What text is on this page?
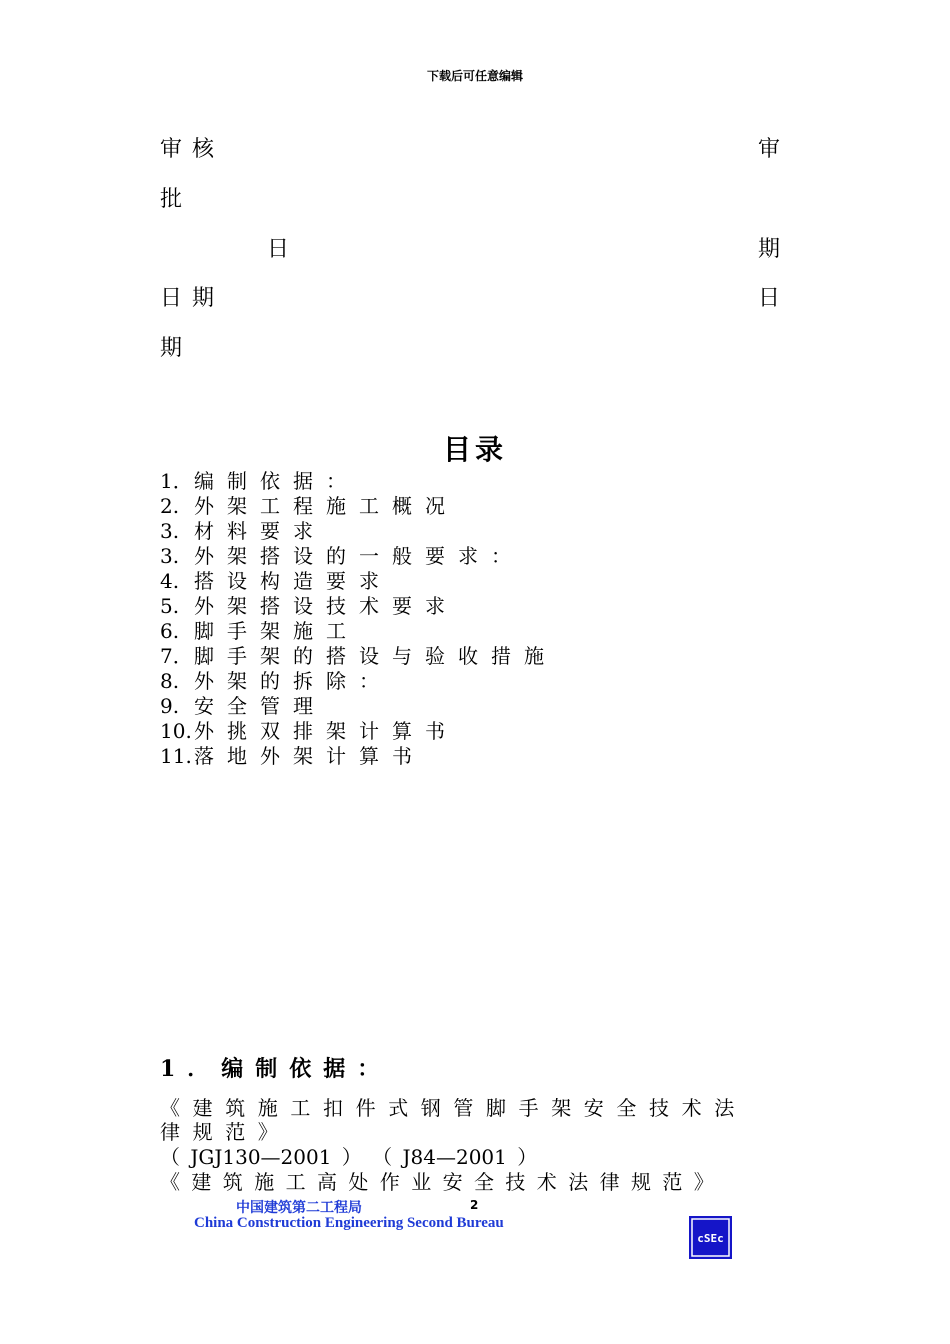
下载后可任意编辑
审核	审
批
日	期
日期	日
期
目录
1．编制依据：
2. 外架工程施工概况
3. 材料要求
3. 外架搭设的一般要求：
4. 搭设构造要求
5. 外架搭设技术要求
6. 脚手架施工
7．脚手架的搭设与验收措施
8. 外架的拆除：
9. 安全管理
10. 外挑双排架计算书
11. 落地外架计算书
1．编制依据：
《建筑施工扣件式钢管脚手架安全技术法
律规范》
（ JGJ130—2001 ） （ J84—2001 ）
《建筑施工高处作业安全技术法律规范》
中国建筑第二工程局	2
China Construction Engineering Second Bureau
cSEc
